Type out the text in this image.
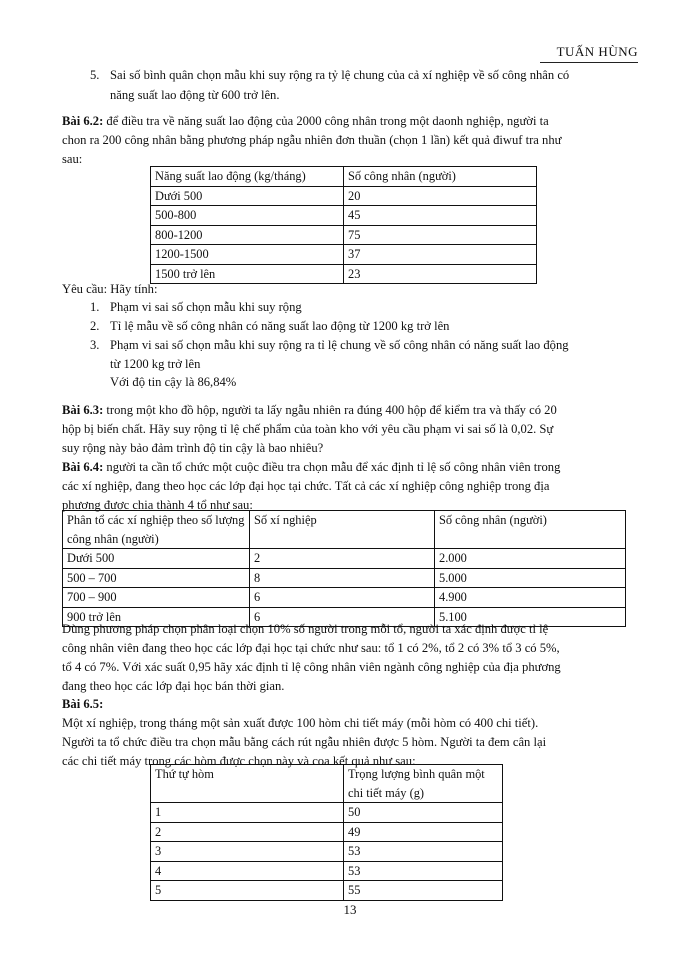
TUẤN HÙNG
5. Sai số bình quân chọn mẫu khi suy rộng ra tỷ lệ chung của cả xí nghiệp về số công nhân có
năng suất lao động từ 600 trở lên.
Bài 6.2: để điều tra về năng suất lao động của 2000 công nhân trong một daonh nghiệp, người ta
chon ra 200 công nhân bằng phương pháp ngẫu nhiên đơn thuần (chọn 1 lần) kết quả điwuf tra như
sau:
Năng suất lao động (kg/tháng)	Số công nhân (người)
Dưới 500	20
500-800	45
800-1200	75
1200-1500	37
1500 trở lên	23
Yêu cầu: Hãy tính:
1. Phạm vi sai số chọn mẫu khi suy rộng
2. Tỉ lệ mẫu về số công nhân có năng suất lao động từ 1200 kg trở lên
3. Phạm vi sai số chọn mẫu khi suy rộng ra tỉ lệ chung về số công nhân có năng suất lao động
từ 1200 kg trở lên
Với độ tin cậy là 86,84%
Bài 6.3: trong một kho đồ hộp, người ta lấy ngẫu nhiên ra đúng 400 hộp để kiểm tra và thấy có 20
hộp bị biến chất. Hãy suy rộng tỉ lệ chế phẩm của toàn kho với yêu cầu phạm vi sai số là 0,02. Sự
suy rộng này bảo đảm trình độ tin cậy là bao nhiêu?
Bài 6.4: người ta cần tổ chức một cuộc điều tra chọn mẫu để xác định tỉ lệ số công nhân viên trong
các xí nghiệp, đang theo học các lớp đại học tại chức. Tất cả các xí nghiệp công nghiệp trong địa
phương được chia thành 4 tổ như sau:
Phân tổ các xí nghiệp theo số lượng công nhân (người)	Số xí nghiệp	Số công nhân (người)
Dưới 500	2	2.000
500 – 700	8	5.000
700 – 900	6	4.900
900 trở lên	6	5.100
Dùng phương pháp chọn phân loại chọn 10% số người trong mỗi tổ, người ta xác định được tỉ lệ
công nhân viên đang theo học các lớp đại học tại chức như sau: tổ 1 có 2%, tổ 2 có 3% tổ 3 có 5%,
tổ 4 có 7%. Với xác suất 0,95 hãy xác định tỉ lệ công nhân viên ngành công nghiệp của địa phương
đang theo học các lớp đại học bán thời gian.
Bài 6.5:
Một xí nghiệp, trong tháng một sản xuất được 100 hòm chi tiết máy (mỗi hòm có 400 chi tiết).
Người ta tổ chức điều tra chọn mẫu bằng cách rút ngẫu nhiên được 5 hòm. Người ta đem cân lại
các chi tiết máy trong các hòm được chọn này và coa kết quả như sau:
Thứ tự hòm	Trọng lượng bình quân một chi tiết máy (g)
1	50
2	49
3	53
4	53
5	55
13
